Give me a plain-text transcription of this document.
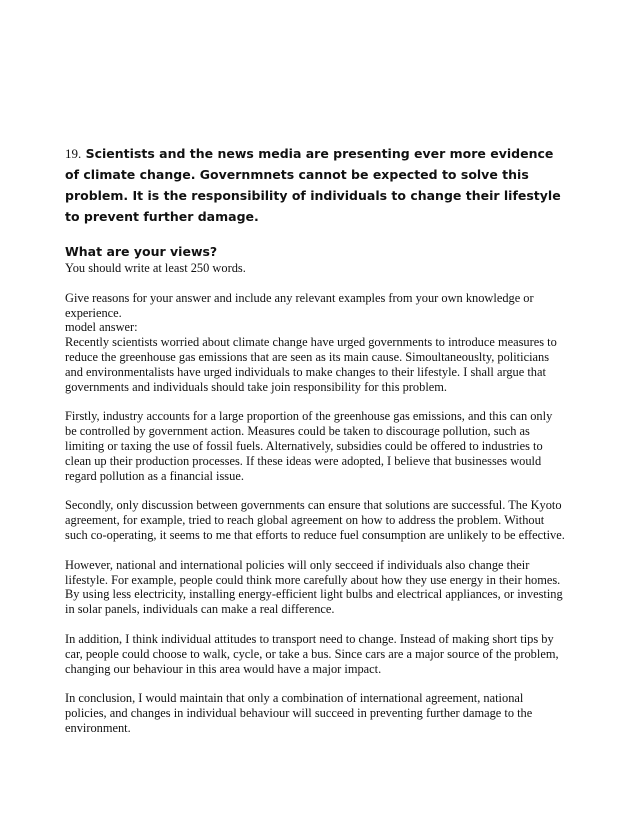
19. Scientists and the news media are presenting ever more evidence of climate change. Governmnets cannot be expected to solve this problem. It is the responsibility of individuals to change their lifestyle to prevent further damage.

What are your views?

You should write at least 250 words.

Give reasons for your answer and include any relevant examples from your own knowledge or experience.

model answer:

Recently scientists worried about climate change have urged governments to introduce measures to reduce the greenhouse gas emissions that are seen as its main cause. Simoultaneouslty, politicians and environmentalists have urged individuals to make changes to their lifestyle. I shall argue that governments and individuals should take join responsibility for this problem.

Firstly, industry accounts for a large proportion of the greenhouse gas emissions, and this can only be controlled by government action. Measures could be taken to discourage pollution, such as limiting or taxing the use of fossil fuels. Alternatively, subsidies could be offered to industries to clean up their production processes. If these ideas were adopted, I believe that businesses would regard pollution as a financial issue.

Secondly, only discussion between governments can ensure that solutions are successful. The Kyoto agreement, for example, tried to reach global agreement on how to address the problem. Without such co-operating, it seems to me that efforts to reduce fuel consumption are unlikely to be effective.

However, national and international policies will only secceed if individuals also change their lifestyle. For example, people could think more carefully about how they use energy in their homes. By using less electricity, installing energy-efficient light bulbs and electrical appliances, or investing in solar panels, individuals can make a real difference.

In addition, I think individual attitudes to transport need to change. Instead of making short tips by car, people could choose to walk, cycle, or take a bus. Since cars are a major source of the problem, changing our behaviour in this area would have a major impact.

In conclusion, I would maintain that only a combination of international agreement, national policies, and changes in individual behaviour will succeed in preventing further damage to the environment.
